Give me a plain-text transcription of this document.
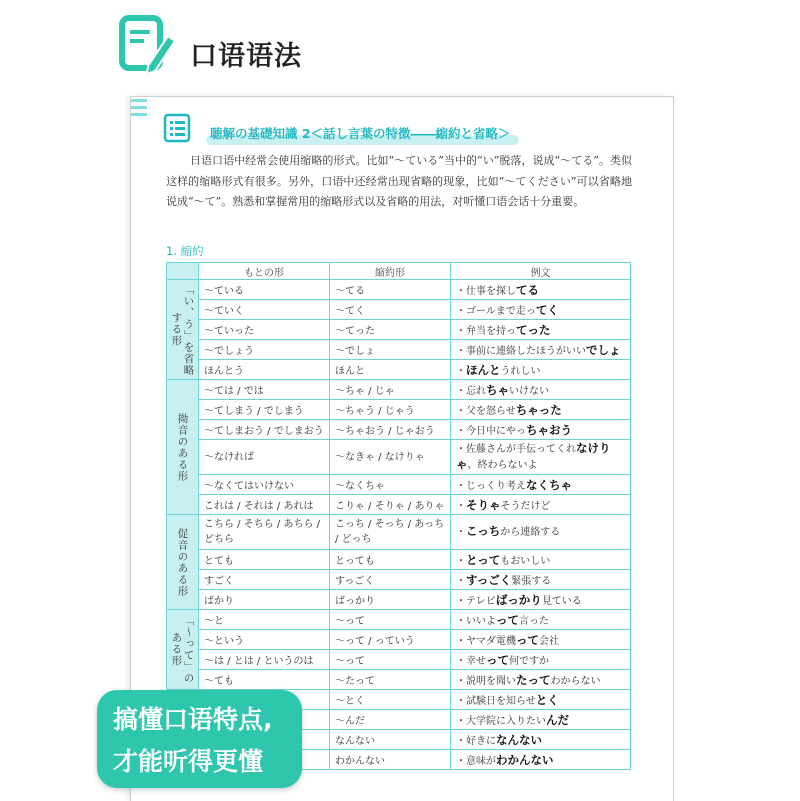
口语语法
聴解の基礎知識 2＜話し言葉の特徴――縮約と省略＞
日语口语中经常会使用缩略的形式。比如“～ている”当中的“い”脱落，说成“～てる”。类似这样的缩略形式有很多。另外，口语中还经常出现省略的现象，比如“～てください”可以省略地说成“～て”。熟悉和掌握常用的缩略形式以及省略的用法，对听懂口语会话十分重要。
1. 縮約
	もとの形	縮約形	例文

「い、う」を省略する形	～ている	～てる	・仕事を探してる
	～ていく	～てく	・ゴールまで走ってく
	～ていった	～てった	・弁当を持ってった
	～でしょう	～でしょ	・事前に連絡したほうがいいでしょ
	ほんとう	ほんと	・ほんとうれしい

拗音のある形	～ては / では	～ちゃ / じゃ	・忘れちゃいけない
	～てしまう / でしまう	～ちゃう / じゃう	・父を怒らせちゃった
	～てしまおう / でしまおう	～ちゃおう / じゃおう	・今日中にやっちゃおう
	～なければ	～なきゃ / なけりゃ	・佐藤さんが手伝ってくれなけりゃ、終わらないよ
	～なくてはいけない	～なくちゃ	・じっくり考えなくちゃ
	これは / それは / あれは	こりゃ / そりゃ / ありゃ	・そりゃそうだけど

促音のある形	こちら / そちら / あちら / どちら	こっち / そっち / あっち / どっち	・こっちから連絡する
	とても	とっても	・とってもおいしい
	すごく	すっごく	・すっごく緊張する
	ばかり	ばっかり	・テレビばっかり見ている

「～って」のある形	～と	～って	・いいよって言った
	～という	～って / っていう	・ヤマダ電機って会社
	～は / とは / というのは	～って	・幸せって何ですか
	～ても	～たって	・説明を聞いたってわからない

		～とく	・試験日を知らせとく
		～んだ	・大学院に入りたいんだ
		なんない	・好きになんない
		わかんない	・意味がわかんない
搞懂口语特点,
才能听得更懂
